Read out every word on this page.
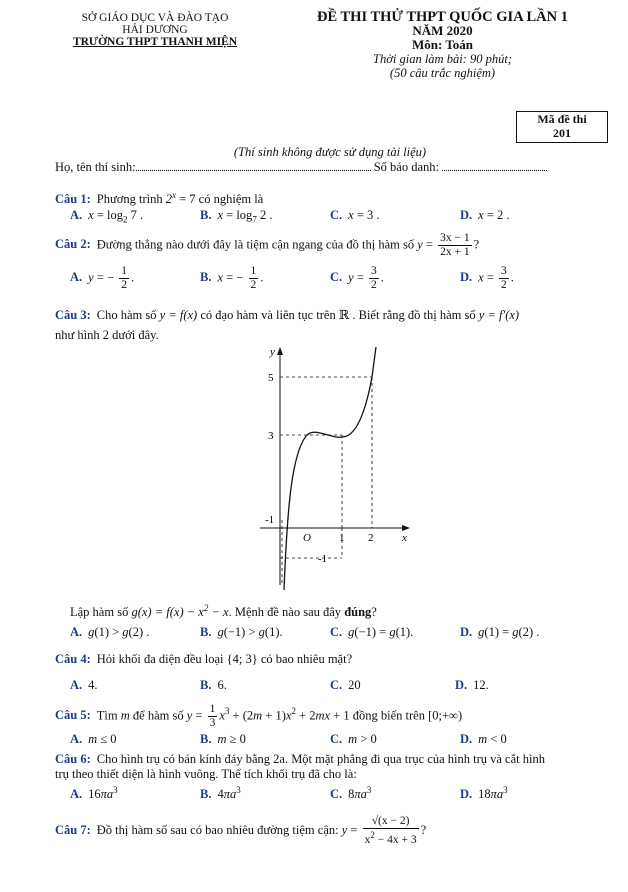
SỞ GIÁO DỤC VÀ ĐÀO TẠO
HẢI DƯƠNG
TRƯỜNG THPT THANH MIỆN
ĐỀ THI THỬ THPT QUỐC GIA LẦN 1
NĂM 2020
Môn: Toán
Thời gian làm bài: 90 phút;
(50 câu trắc nghiệm)
Mã đề thi
201
(Thí sinh không được sử dụng tài liệu)
Họ, tên thí sinh:	Số báo danh:
Câu 1: Phương trình $2^x = 7$ có nghiệm là
A. $x = \log_2 7$ .	B. $x = \log_7 2$ .	C. x = 3 .	D. x = 2 .
Câu 2: Đường thẳng nào dưới đây là tiệm cận ngang của đồ thị hàm số $y = \frac{3x - 1}{2x + 1}$ ?
A. y = − $\frac{1}{2}$ .	B. x = − $\frac{1}{2}$ .	C. $y = \frac{3}{2}$ .	D. $x = \frac{3}{2}$ .
Câu 3: Cho hàm số y = f(x) có đạo hàm và liên tục trên ℝ . Biết rằng đồ thị hàm số y = f′(x)
như hình 2 dưới đây.
y
x
O
5
3
-1
1 2
-1
Lập hàm số $g(x) = f(x) - x^2 - x$. Mệnh đề nào sau đây đúng?
A. g(1) > g(2) .	B. g(−1) > g(1).	C. g(−1) = g(1).	D. g(1) = g(2) .
Câu 4: Hỏi khối đa diện đều loại {4; 3} có bao nhiêu mặt?
A. 4.	B. 6.	C. 20	D. 12.
Câu 5: Tìm m để hàm số $y = \frac{1}{3} x^3 + (2m + 1)x^2 + 2mx + 1$ đồng biến trên [0;+∞)
A. m ≤ 0	B. m ≥ 0	C. m > 0	D. m < 0
Câu 6: Cho hình trụ có bán kính đáy bằng 2a. Một mặt phẳng đi qua trục của hình trụ và cắt hình
trụ theo thiết diện là hình vuông. Thể tích khối trụ đã cho là:
A. $16\pi a^3$	B. $4\pi a^3$	C. $8\pi a^3$	D. $18\pi a^3$
Câu 7: Đồ thị hàm số sau có bao nhiêu đường tiệm cận: $y = \frac{√(x - 2)}{x^2 - 4x + 3}$ ?
